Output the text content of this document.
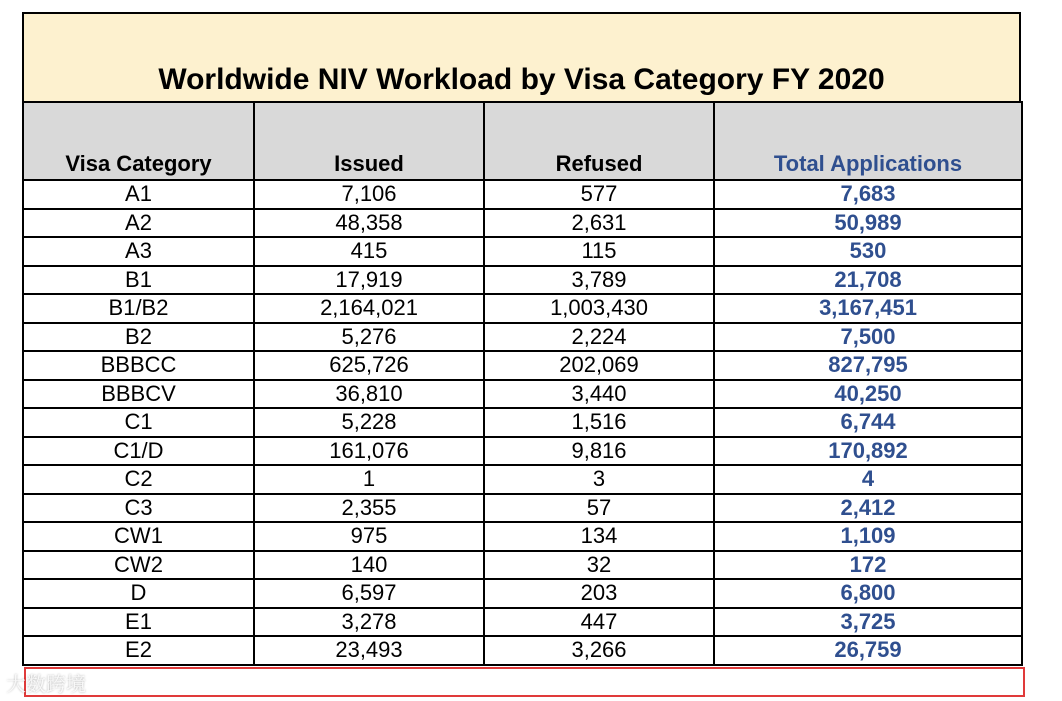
Worldwide NIV Workload by Visa Category FY 2020
Visa Category	Issued	Refused	Total Applications
A1	7,106	577	7,683
A2	48,358	2,631	50,989
A3	415	115	530
B1	17,919	3,789	21,708
B1/B2	2,164,021	1,003,430	3,167,451
B2	5,276	2,224	7,500
BBBCC	625,726	202,069	827,795
BBBCV	36,810	3,440	40,250
C1	5,228	1,516	6,744
C1/D	161,076	9,816	170,892
C2	1	3	4
C3	2,355	57	2,412
CW1	975	134	1,109
CW2	140	32	172
D	6,597	203	6,800
E1	3,278	447	3,725
E2	23,493	3,266	26,759
大数跨境
